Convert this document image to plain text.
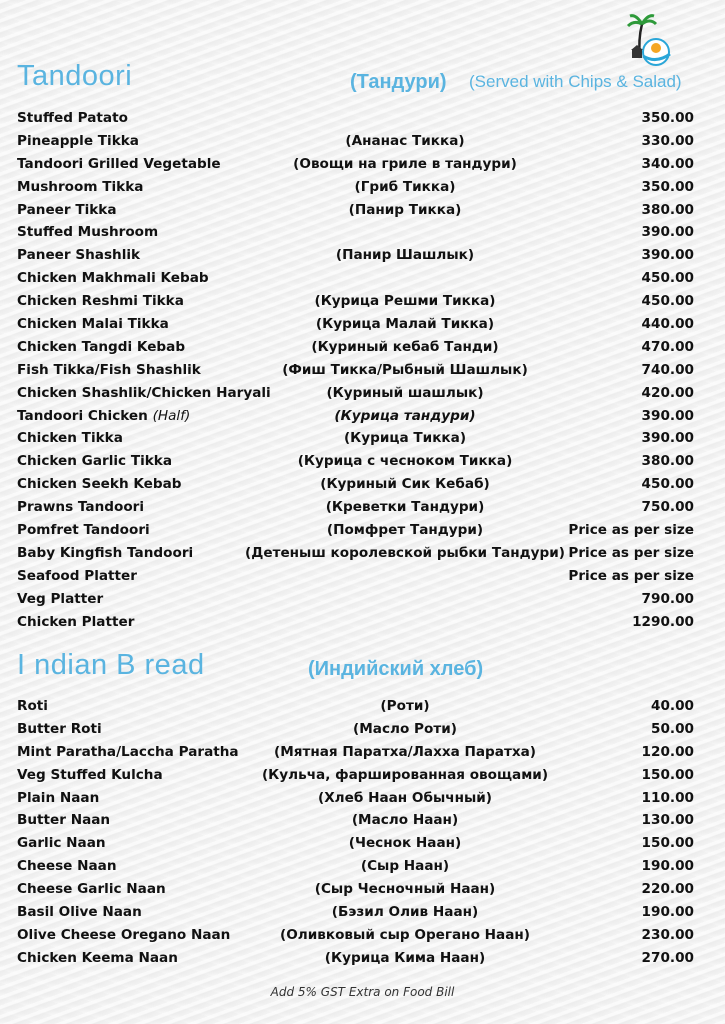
Tandoori	(Тандури) (Served with Chips & Salad)
Stuffed Patato	350.00
Pineapple Tikka	(Ананас Тикка)	330.00
Tandoori Grilled Vegetable	(Овощи на гриле в тандури)	340.00
Mushroom Tikka	(Гриб Тикка)	350.00
Paneer Tikka	(Панир Тикка)	380.00
Stuffed Mushroom	390.00
Paneer Shashlik	(Панир Шашлык)	390.00
Chicken Makhmali Kebab	450.00
Chicken Reshmi Tikka	(Курица Решми Тикка)	450.00
Chicken Malai Tikka	(Курица Малай Тикка)	440.00
Chicken Tangdi Kebab	(Куриный кебаб Танди)	470.00
Fish Tikka/Fish Shashlik	(Фиш Тикка/Рыбный Шашлык)	740.00
Chicken Shashlik/Chicken Haryali	(Куриный шашлык)	420.00
Tandoori Chicken (Half)	(Курица тандури)	390.00
Chicken Tikka	(Курица Тикка)	390.00
Chicken Garlic Tikka	(Курица с чесноком Тикка)	380.00
Chicken Seekh Kebab	(Куриный Сик Кебаб)	450.00
Prawns Tandoori	(Креветки Тандури)	750.00
Pomfret Tandoori	(Помфрет Тандури)	Price as per size
Baby Kingfish Tandoori	(Детеныш королевской рыбки Тандури) Price as per size
Seafood Platter	Price as per size
Veg Platter	790.00
Chicken Platter	1290.00
I ndian B read	(Индийский хлеб)
Roti	(Роти)	40.00
Butter Roti	(Масло Роти)	50.00
Mint Paratha/Laccha Paratha	(Мятная Паратха/Лахха Паратха)	120.00
Veg Stuffed Kulcha	(Кульча, фаршированная овощами)	150.00
Plain Naan	(Хлеб Наан Обычный)	110.00
Butter Naan	(Масло Наан)	130.00
Garlic Naan	(Чеснок Наан)	150.00
Cheese Naan	(Сыр Наан)	190.00
Cheese Garlic Naan	(Сыр Чесночный Наан)	220.00
Basil Olive Naan	(Бэзил Олив Наан)	190.00
Olive Cheese Oregano Naan	(Оливковый сыр Орегано Наан)	230.00
Chicken Keema Naan	(Курица Кима Наан)	270.00
Add 5% GST Extra on Food Bill
